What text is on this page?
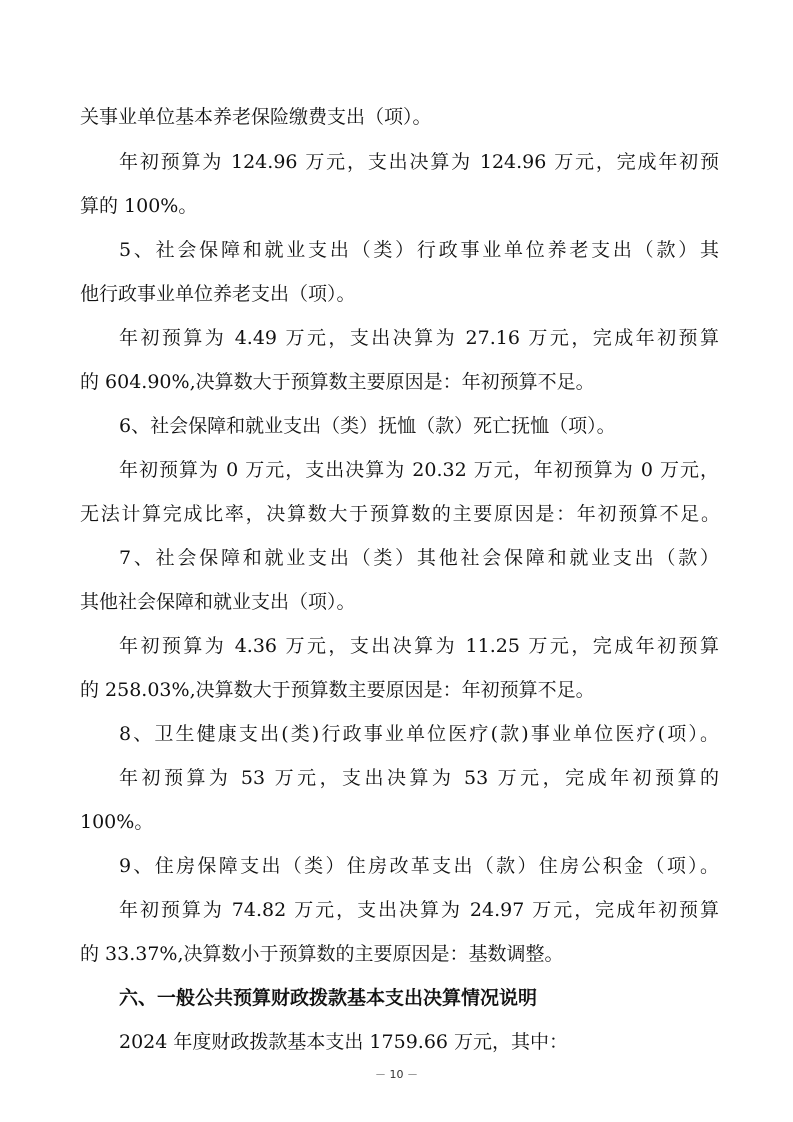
关事业单位基本养老保险缴费支出（项）。
年初预算为 124.96 万元，支出决算为 124.96 万元，完成年初预
算的 100%。
5、社会保障和就业支出（类）行政事业单位养老支出（款）其
他行政事业单位养老支出（项）。
年初预算为 4.49 万元，支出决算为 27.16 万元，完成年初预算
的 604.90%,决算数大于预算数主要原因是：年初预算不足。
6、社会保障和就业支出（类）抚恤（款）死亡抚恤（项）。
年初预算为 0 万元，支出决算为 20.32 万元，年初预算为 0 万元，
无法计算完成比率，决算数大于预算数的主要原因是：年初预算不足。
7、社会保障和就业支出（类）其他社会保障和就业支出（款）
其他社会保障和就业支出（项）。
年初预算为 4.36 万元，支出决算为 11.25 万元，完成年初预算
的 258.03%,决算数大于预算数主要原因是：年初预算不足。
8、卫生健康支出(类)行政事业单位医疗(款)事业单位医疗(项）。
年初预算为 53 万元，支出决算为 53 万元，完成年初预算的
100%。
9、住房保障支出（类）住房改革支出（款）住房公积金（项）。
年初预算为 74.82 万元，支出决算为 24.97 万元，完成年初预算
的 33.37%,决算数小于预算数的主要原因是：基数调整。
六、一般公共预算财政拨款基本支出决算情况说明
2024 年度财政拨款基本支出 1759.66 万元，其中：
－ 10 －
